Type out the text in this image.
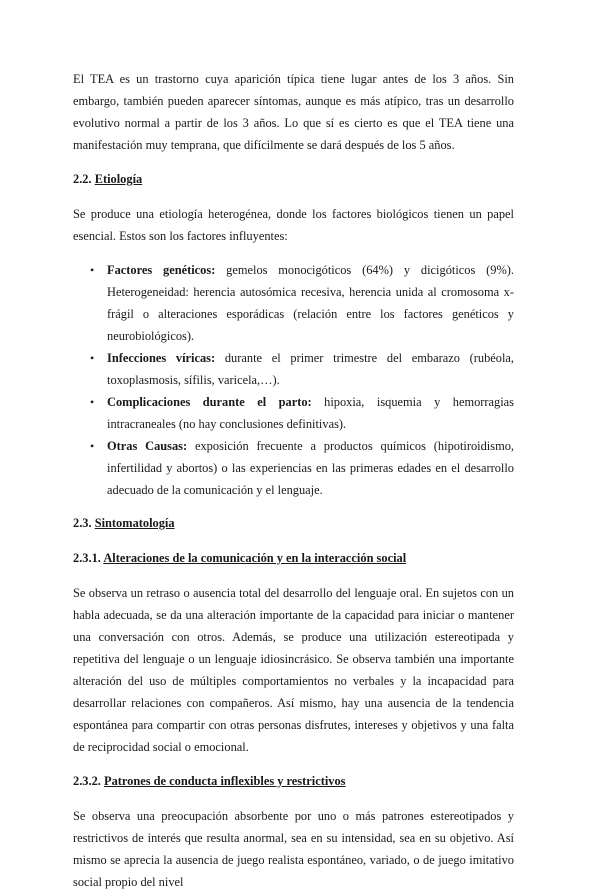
El TEA es un trastorno cuya aparición típica tiene lugar antes de los 3 años. Sin embargo, también pueden aparecer síntomas, aunque es más atípico, tras un desarrollo evolutivo normal a partir de los 3 años. Lo que sí es cierto es que el TEA tiene una manifestación muy temprana, que difícilmente se dará después de los 5 años.

2.2. Etiología

Se produce una etiología heterogénea, donde los factores biológicos tienen un papel esencial. Estos son los factores influyentes:

• Factores genéticos: gemelos monocigóticos (64%) y dicigóticos (9%). Heterogeneidad: herencia autosómica recesiva, herencia unida al cromosoma x-frágil o alteraciones esporádicas (relación entre los factores genéticos y neurobiológicos).
• Infecciones víricas: durante el primer trimestre del embarazo (rubéola, toxoplasmosis, sífilis, varicela,…).
• Complicaciones durante el parto: hipoxia, isquemia y hemorragias intracraneales (no hay conclusiones definitivas).
• Otras Causas: exposición frecuente a productos químicos (hipotiroidismo, infertilidad y abortos) o las experiencias en las primeras edades en el desarrollo adecuado de la comunicación y el lenguaje.
2.3. Sintomatología
2.3.1. Alteraciones de la comunicación y en la interacción social

Se observa un retraso o ausencia total del desarrollo del lenguaje oral. En sujetos con un habla adecuada, se da una alteración importante de la capacidad para iniciar o mantener una conversación con otros. Además, se produce una utilización estereotipada y repetitiva del lenguaje o un lenguaje idiosincrásico. Se observa también una importante alteración del uso de múltiples comportamientos no verbales y la incapacidad para desarrollar relaciones con compañeros. Así mismo, hay una ausencia de la tendencia espontánea para compartir con otras personas disfrutes, intereses y objetivos y una falta de reciprocidad social o emocional.

2.3.2. Patrones de conducta inflexibles y restrictivos

Se observa una preocupación absorbente por uno o más patrones estereotipados y restrictivos de interés que resulta anormal, sea en su intensidad, sea en su objetivo. Así mismo se aprecia la ausencia de juego realista espontáneo, variado, o de juego imitativo social propio del nivel
